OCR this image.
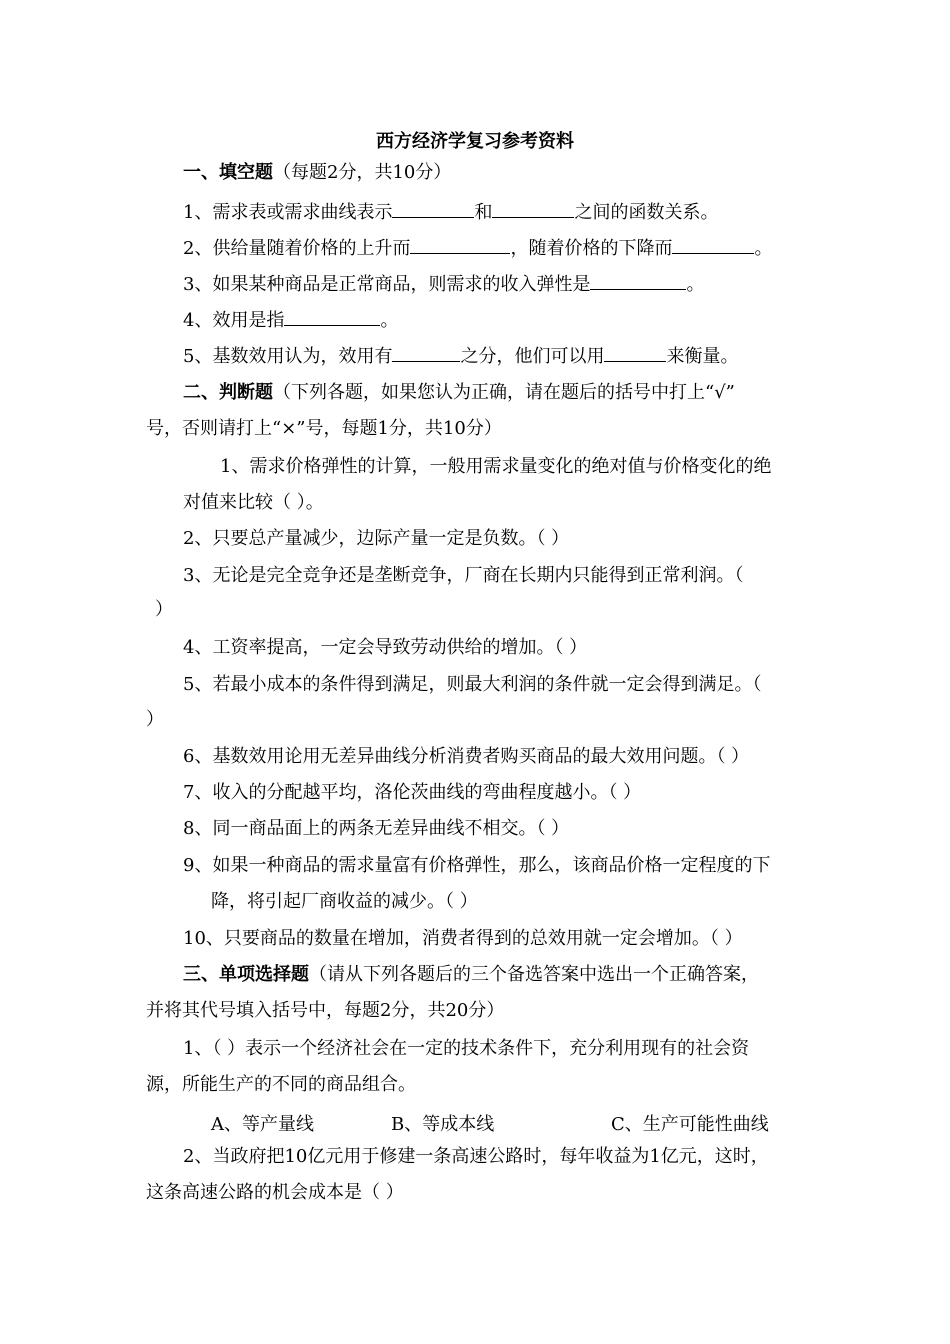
西方经济学复习参考资料
一、填空题（每题2分，共10分）
1、需求表或需求曲线表示	和	之间的函数关系。
2、供给量随着价格的上升而	，随着价格的下降而	。
3、如果某种商品是正常商品，则需求的收入弹性是	。
4、效用是指	。
5、基数效用认为，效用有	之分，他们可以用	来衡量。
二、判断题（下列各题，如果您认为正确，请在题后的括号中打上“√”
号，否则请打上“×”号，每题1分，共10分）
1、需求价格弹性的计算，一般用需求量变化的绝对值与价格变化的绝
对值来比较（ ）。
2、只要总产量减少，边际产量一定是负数。（ ）
3、无论是完全竞争还是垄断竞争，厂商在长期内只能得到正常利润。（
）
4、工资率提高，一定会导致劳动供给的增加。（ ）
5、若最小成本的条件得到满足，则最大利润的条件就一定会得到满足。（
）
6、基数效用论用无差异曲线分析消费者购买商品的最大效用问题。（ ）
7、收入的分配越平均，洛伦茨曲线的弯曲程度越小。（ ）
8、同一商品面上的两条无差异曲线不相交。（ ）
9、如果一种商品的需求量富有价格弹性，那么，该商品价格一定程度的下
降，将引起厂商收益的减少。（ ）
10、只要商品的数量在增加，消费者得到的总效用就一定会增加。（ ）
三、单项选择题（请从下列各题后的三个备选答案中选出一个正确答案，
并将其代号填入括号中，每题2分，共20分）
1、（ ）表示一个经济社会在一定的技术条件下，充分利用现有的社会资
源，所能生产的不同的商品组合。
A、等产量线	B、等成本线	C、生产可能性曲线
2、当政府把10亿元用于修建一条高速公路时，每年收益为1亿元，这时，
这条高速公路的机会成本是（ ）
